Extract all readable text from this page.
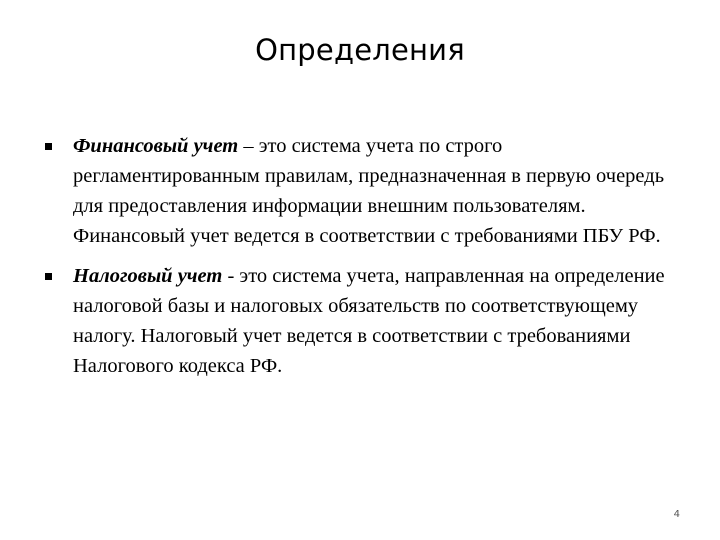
Определения
Финансовый учет – это система учета по строго регламентированным правилам, предназначенная в первую очередь для предоставления информации внешним пользователям. Финансовый учет ведется в соответствии с требованиями ПБУ РФ.
Налоговый учет - это система учета, направленная на определение налоговой базы и налоговых обязательств по соответствующему налогу. Налоговый учет ведется в соответствии с требованиями Налогового кодекса РФ.
4
